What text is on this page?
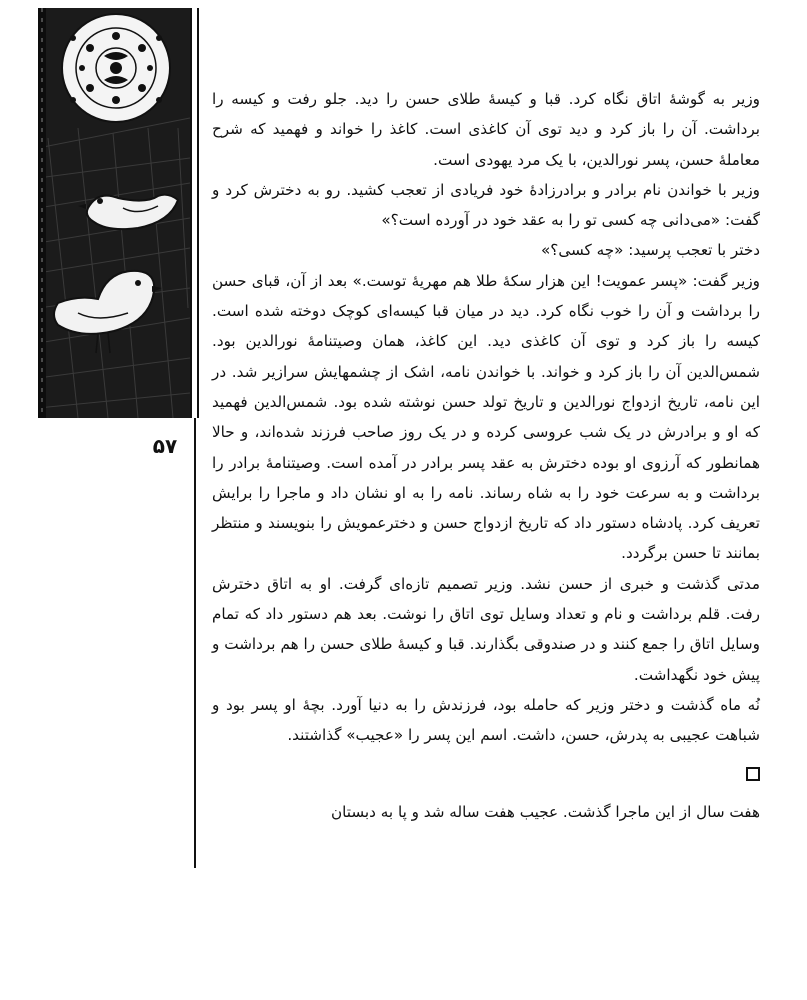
۵۷

وزیر به گوشهٔ اتاق نگاه کرد. قبا و کیسهٔ طلای حسن را دید. جلو رفت و کیسه را برداشت. آن را باز کرد و دید توی آن کاغذی است. کاغذ را خواند و فهمید که شرح معاملهٔ حسن، پسر نورالدین، با یک مرد یهودی است.

وزیر با خواندن نام برادر و برادرزادهٔ خود فریادی از تعجب کشید. رو به دخترش کرد و گفت: «می‌دانی چه کسی تو را به عقد خود در آورده است؟»

دختر با تعجب پرسید: «چه کسی؟»

وزیر گفت: «پسر عمویت! این هزار سکهٔ طلا هم مهریهٔ توست.» بعد از آن، قبای حسن را برداشت و آن را خوب نگاه کرد. دید در میان قبا کیسه‌ای کوچک دوخته شده است. کیسه را باز کرد و توی آن کاغذی دید. این کاغذ، همان وصیتنامهٔ نورالدین بود. شمس‌الدین آن را باز کرد و خواند. با خواندن نامه، اشک از چشمهایش سرازیر شد. در این نامه، تاریخ ازدواج نورالدین و تاریخ تولد حسن نوشته شده بود. شمس‌الدین فهمید که او و برادرش در یک شب عروسی کرده و در یک روز صاحب فرزند شده‌اند، و حالا همانطور که آرزوی او بوده دخترش به عقد پسر برادر در آمده است. وصیتنامهٔ برادر را برداشت و به سرعت خود را به شاه رساند. نامه را به او نشان داد و ماجرا را برایش تعریف کرد. پادشاه دستور داد که تاریخ ازدواج حسن و دخترعمویش را بنویسند و منتظر بمانند تا حسن برگردد.

مدتی گذشت و خبری از حسن نشد. وزیر تصمیم تازه‌ای گرفت. او به اتاق دخترش رفت. قلم برداشت و نام و تعداد وسایل توی اتاق را نوشت. بعد هم دستور داد که تمام وسایل اتاق را جمع کنند و در صندوقی بگذارند. قبا و کیسهٔ طلای حسن را هم برداشت و پیش خود نگهداشت.

نُه ماه گذشت و دختر وزیر که حامله بود، فرزندش را به دنیا آورد. بچهٔ او پسر بود و شباهت عجیبی به پدرش، حسن، داشت. اسم این پسر را «عجیب» گذاشتند.

هفت سال از این ماجرا گذشت. عجیب هفت ساله شد و پا به دبستان
